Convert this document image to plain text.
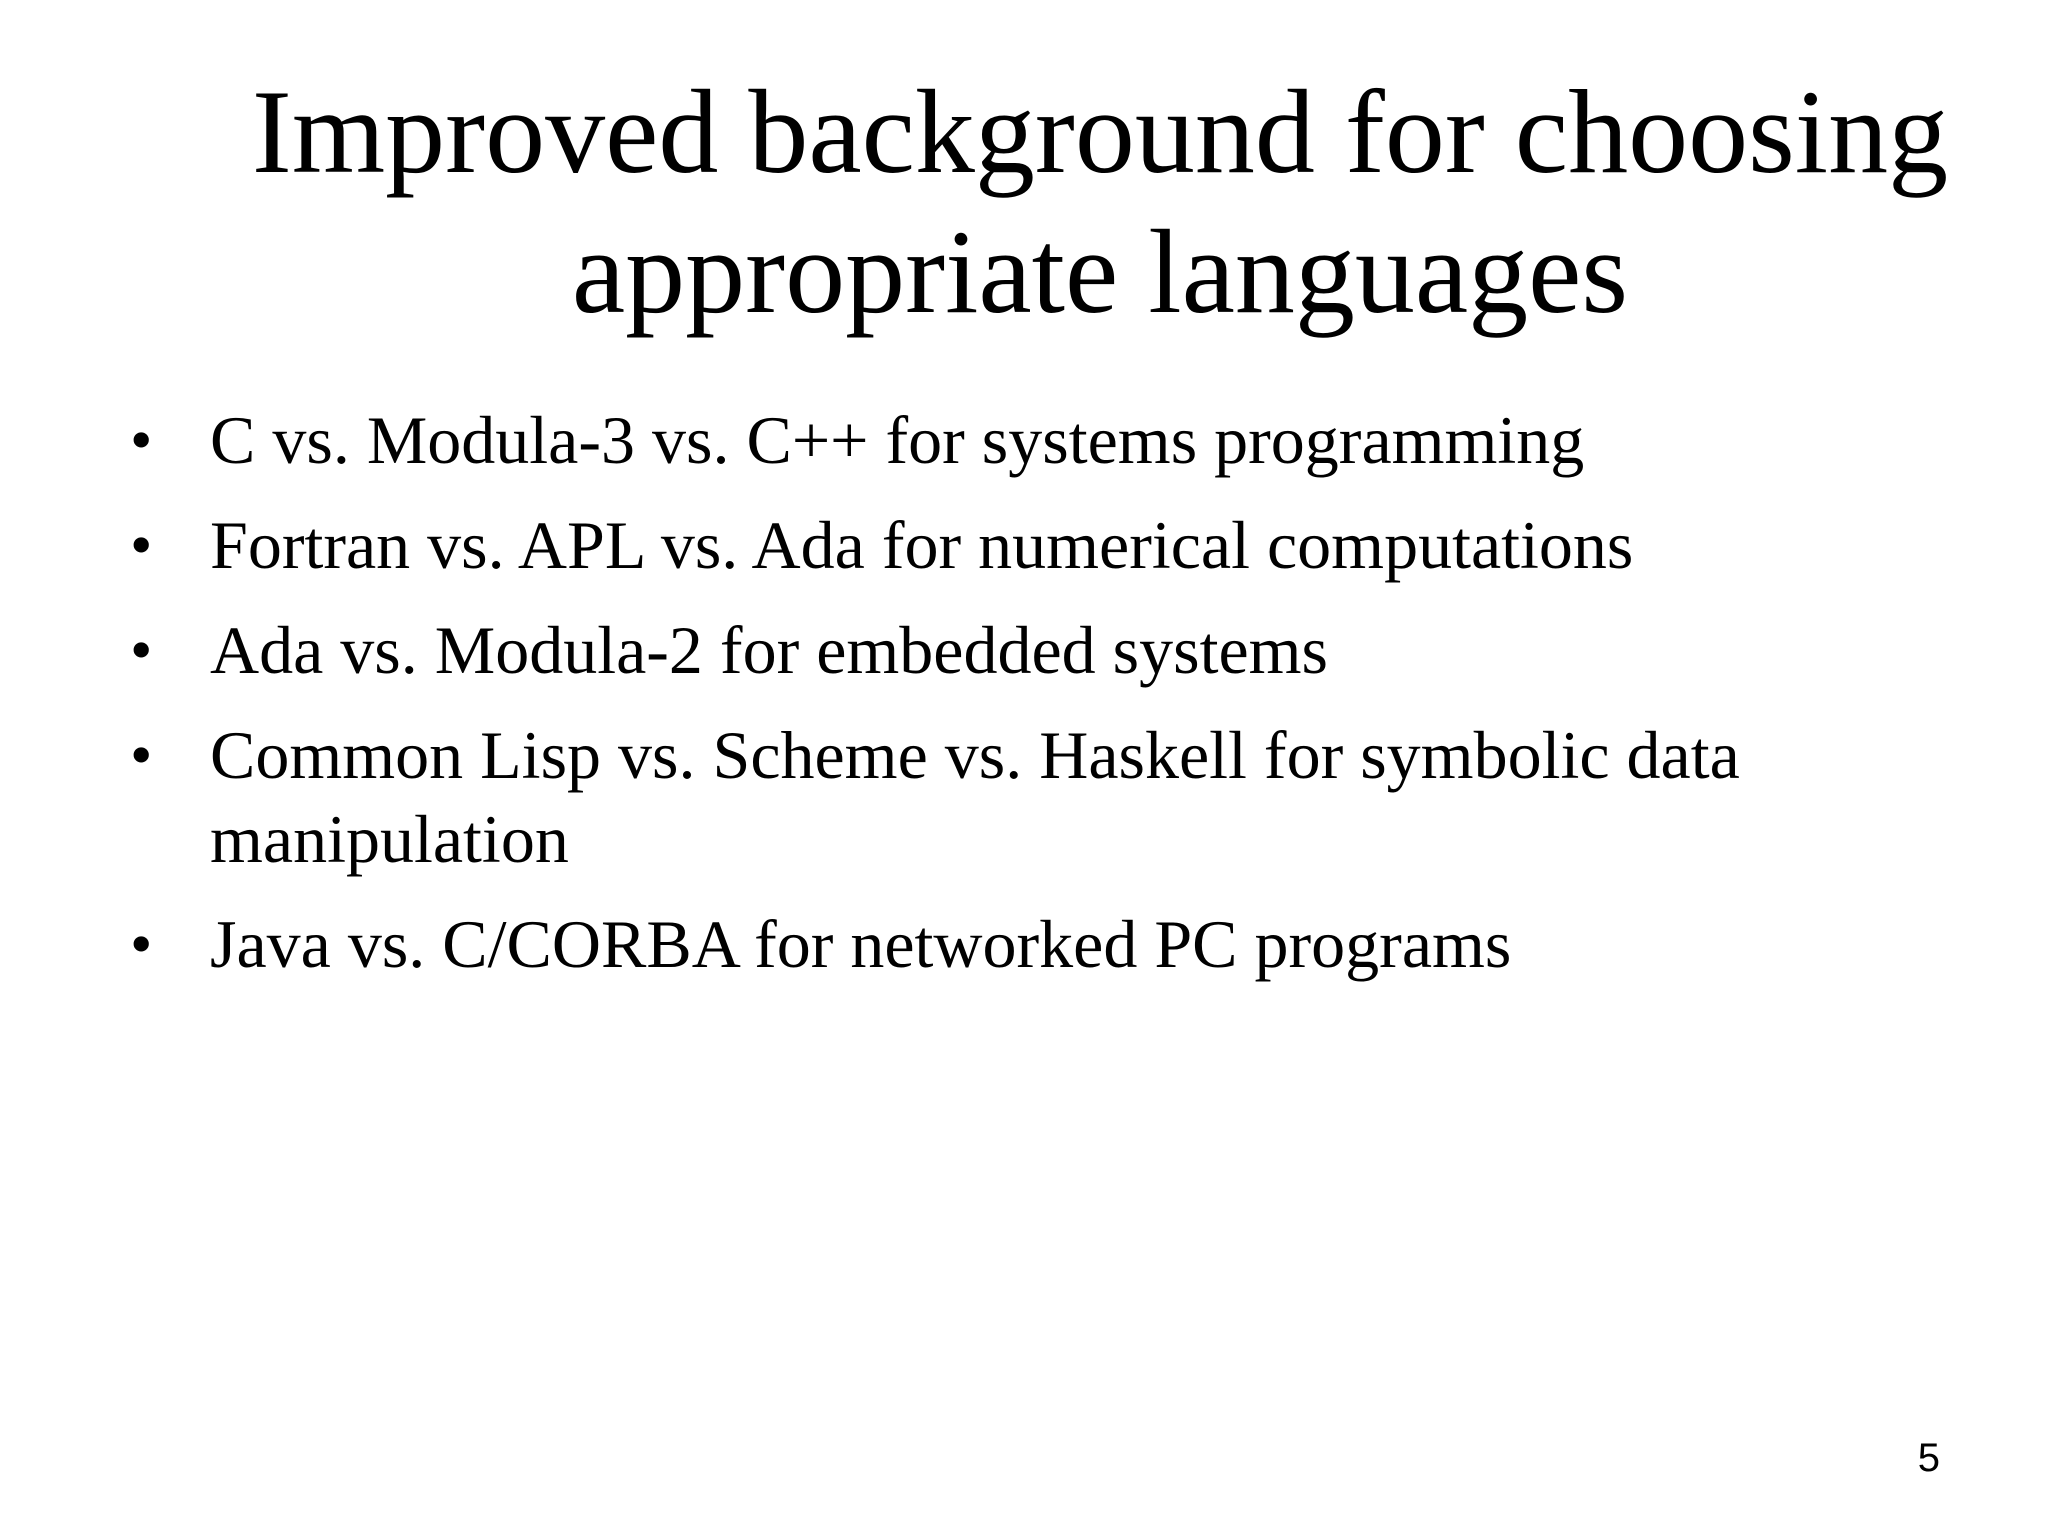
Improved background for choosing
appropriate languages
• C vs. Modula-3 vs. C++ for systems programming
• Fortran vs. APL vs. Ada for numerical computations
• Ada vs. Modula-2 for embedded systems
• Common Lisp vs. Scheme vs. Haskell for symbolic data manipulation
• Java vs. C/CORBA for networked PC programs
5
